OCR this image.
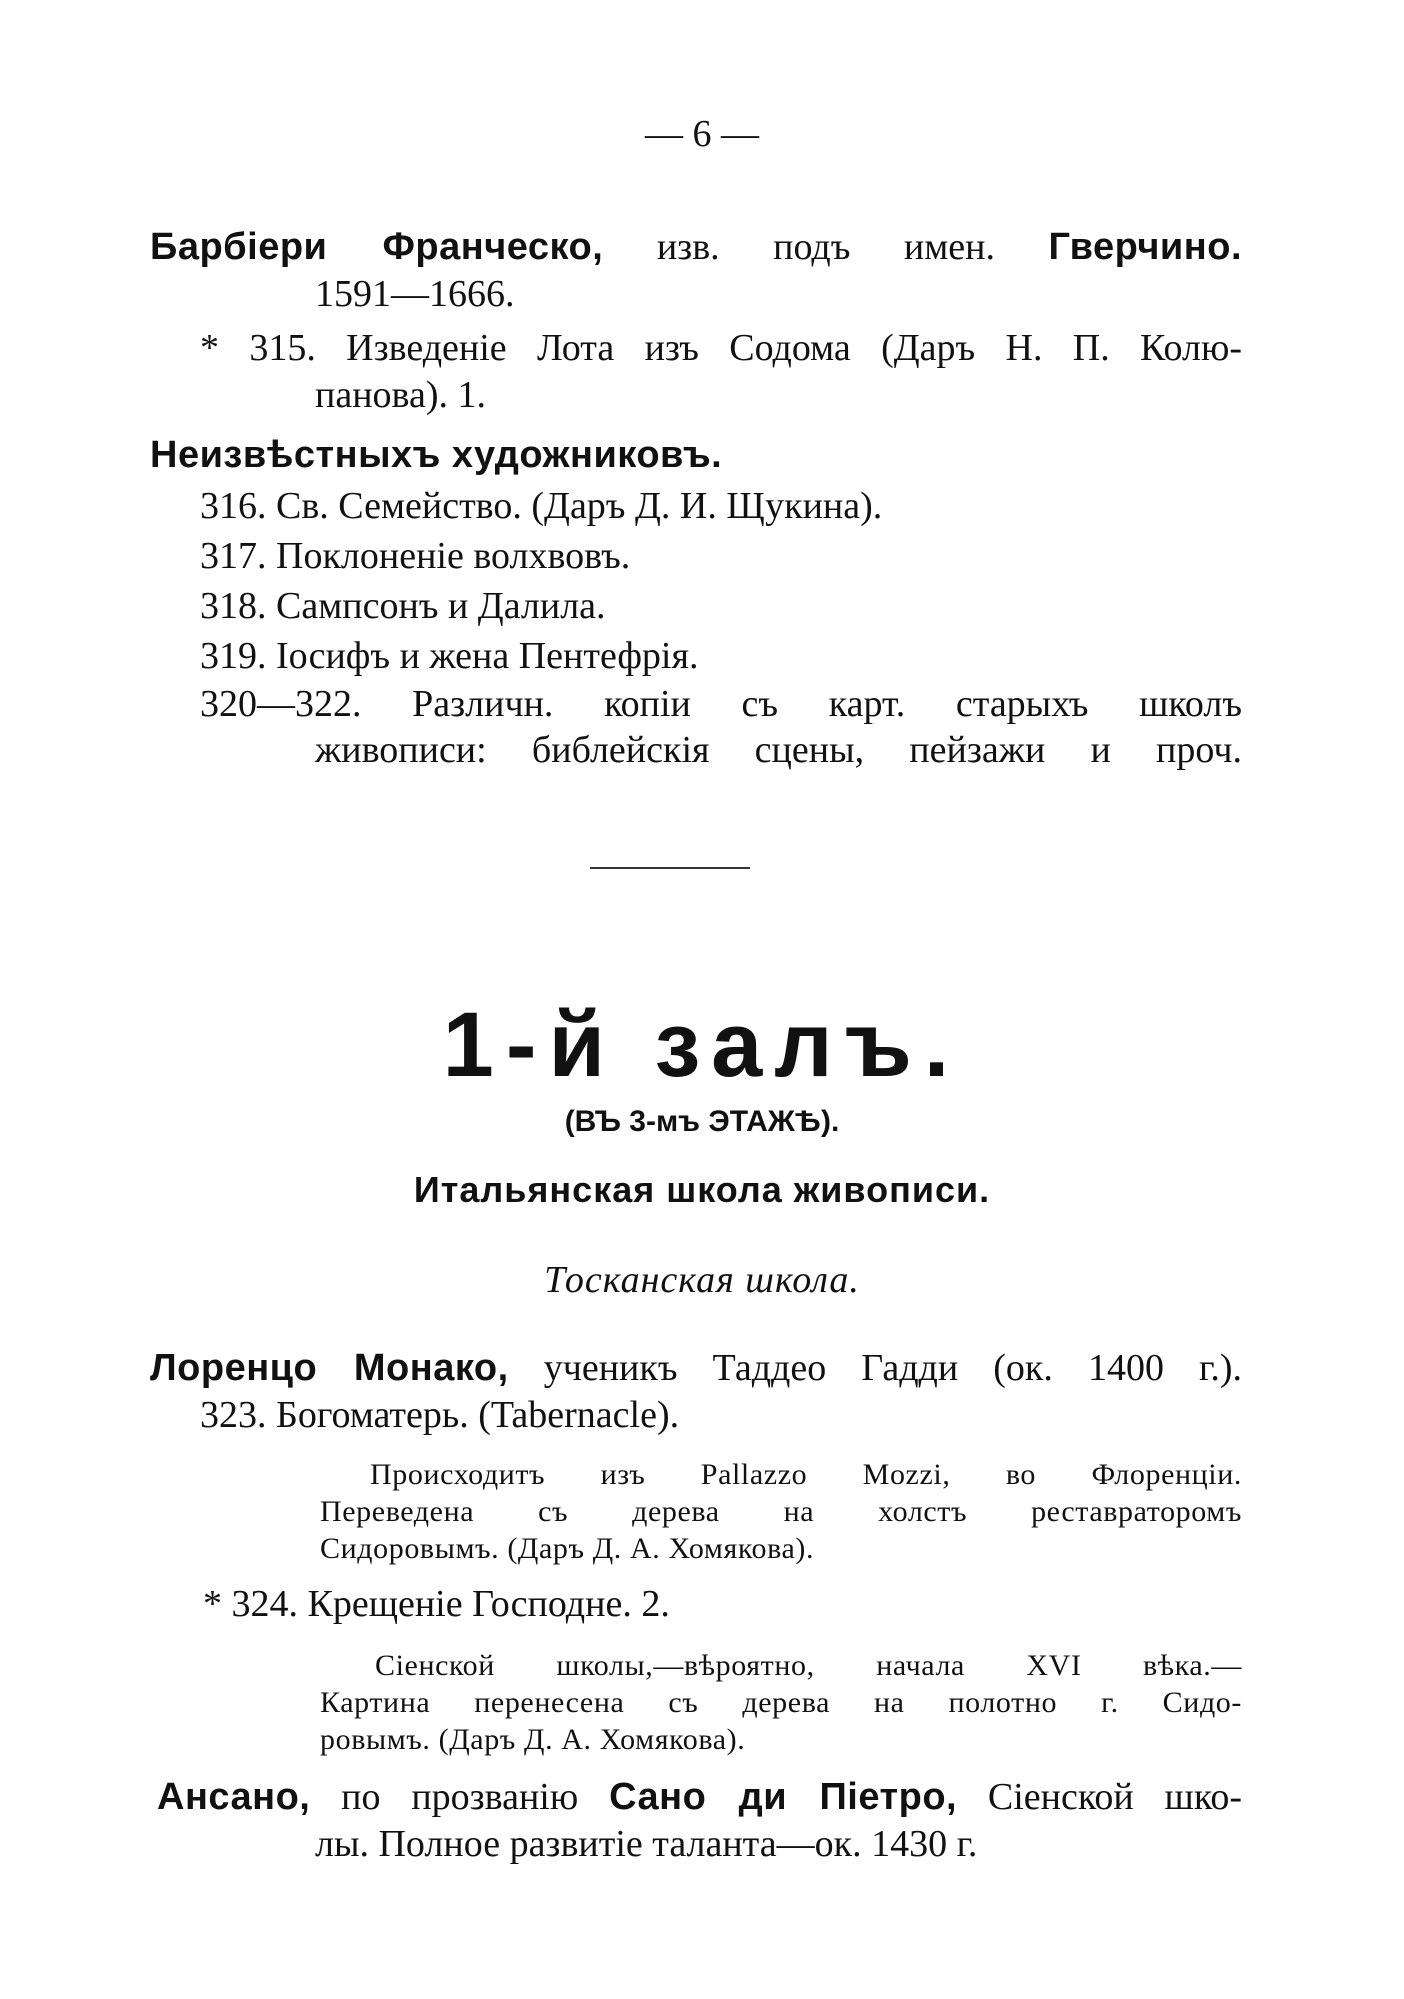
— 6 —
Барбіери Франческо, изв. подъ имен. Гверчино.
1591—1666.
* 315. Изведеніе Лота изъ Содома (Даръ Н. П. Колю-
панова). 1.
Неизвѣстныхъ художниковъ.
316. Св. Семейство. (Даръ Д. И. Щукина).
317. Поклоненіе волхвовъ.
318. Сампсонъ и Далила.
319. Іосифъ и жена Пентефрія.
320—322. Различн. копіи съ карт. старыхъ школъ
живописи: библейскія сцены, пейзажи и проч.
1-й залъ.
(ВЪ 3-мъ ЭТАЖѢ).
Итальянская школа живописи.
Тосканская школа.
Лоренцо Монако, ученикъ Таддео Гадди (ок. 1400 г.).
323. Богоматерь. (Tabernacle).
Происходитъ изъ Pallazzo Mozzi, во Флоренціи.
Переведена съ дерева на холстъ реставраторомъ
Сидоровымъ. (Даръ Д. А. Хомякова).
* 324. Крещеніе Господне. 2.
Сіенской школы,—вѣроятно, начала XVI вѣка.—
Картина перенесена съ дерева на полотно г. Сидо-
ровымъ. (Даръ Д. А. Хомякова).
Ансано, по прозванію Сано ди Піетро, Сіенской шко-
лы. Полное развитіе таланта—ок. 1430 г.
